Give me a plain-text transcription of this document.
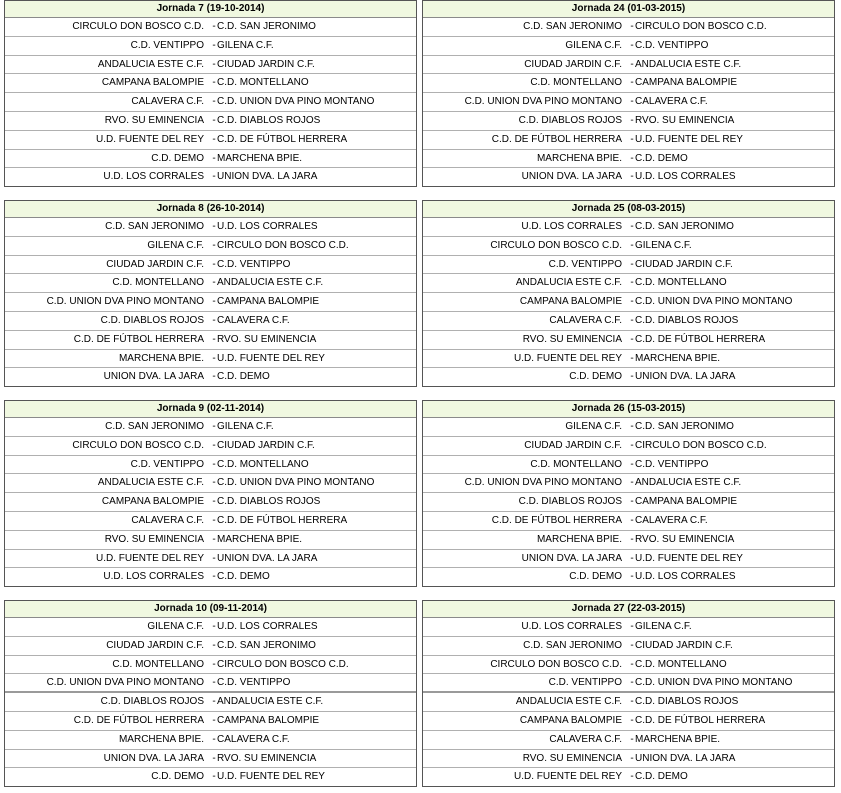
Jornada 7 (19-10-2014)
CIRCULO DON BOSCO C.D. - C.D. SAN JERONIMO
C.D. VENTIPPO - GILENA C.F.
ANDALUCIA ESTE C.F. - CIUDAD JARDIN C.F.
CAMPANA BALOMPIE - C.D. MONTELLANO
CALAVERA C.F. - C.D. UNION DVA PINO MONTANO
RVO. SU EMINENCIA - C.D. DIABLOS ROJOS
U.D. FUENTE DEL REY - C.D. DE FÚTBOL HERRERA
C.D. DEMO - MARCHENA BPIE.
U.D. LOS CORRALES - UNION DVA. LA JARA
Jornada 24 (01-03-2015)
C.D. SAN JERONIMO - CIRCULO DON BOSCO C.D.
GILENA C.F. - C.D. VENTIPPO
CIUDAD JARDIN C.F. - ANDALUCIA ESTE C.F.
C.D. MONTELLANO - CAMPANA BALOMPIE
C.D. UNION DVA PINO MONTANO - CALAVERA C.F.
C.D. DIABLOS ROJOS - RVO. SU EMINENCIA
C.D. DE FÚTBOL HERRERA - U.D. FUENTE DEL REY
MARCHENA BPIE. - C.D. DEMO
UNION DVA. LA JARA - U.D. LOS CORRALES
Jornada 8 (26-10-2014)
C.D. SAN JERONIMO - U.D. LOS CORRALES
GILENA C.F. - CIRCULO DON BOSCO C.D.
CIUDAD JARDIN C.F. - C.D. VENTIPPO
C.D. MONTELLANO - ANDALUCIA ESTE C.F.
C.D. UNION DVA PINO MONTANO - CAMPANA BALOMPIE
C.D. DIABLOS ROJOS - CALAVERA C.F.
C.D. DE FÚTBOL HERRERA - RVO. SU EMINENCIA
MARCHENA BPIE. - U.D. FUENTE DEL REY
UNION DVA. LA JARA - C.D. DEMO
Jornada 25 (08-03-2015)
U.D. LOS CORRALES - C.D. SAN JERONIMO
CIRCULO DON BOSCO C.D. - GILENA C.F.
C.D. VENTIPPO - CIUDAD JARDIN C.F.
ANDALUCIA ESTE C.F. - C.D. MONTELLANO
CAMPANA BALOMPIE - C.D. UNION DVA PINO MONTANO
CALAVERA C.F. - C.D. DIABLOS ROJOS
RVO. SU EMINENCIA - C.D. DE FÚTBOL HERRERA
U.D. FUENTE DEL REY - MARCHENA BPIE.
C.D. DEMO - UNION DVA. LA JARA
Jornada 9 (02-11-2014)
C.D. SAN JERONIMO - GILENA C.F.
CIRCULO DON BOSCO C.D. - CIUDAD JARDIN C.F.
C.D. VENTIPPO - C.D. MONTELLANO
ANDALUCIA ESTE C.F. - C.D. UNION DVA PINO MONTANO
CAMPANA BALOMPIE - C.D. DIABLOS ROJOS
CALAVERA C.F. - C.D. DE FÚTBOL HERRERA
RVO. SU EMINENCIA - MARCHENA BPIE.
U.D. FUENTE DEL REY - UNION DVA. LA JARA
U.D. LOS CORRALES - C.D. DEMO
Jornada 26 (15-03-2015)
GILENA C.F. - C.D. SAN JERONIMO
CIUDAD JARDIN C.F. - CIRCULO DON BOSCO C.D.
C.D. MONTELLANO - C.D. VENTIPPO
C.D. UNION DVA PINO MONTANO - ANDALUCIA ESTE C.F.
C.D. DIABLOS ROJOS - CAMPANA BALOMPIE
C.D. DE FÚTBOL HERRERA - CALAVERA C.F.
MARCHENA BPIE. - RVO. SU EMINENCIA
UNION DVA. LA JARA - U.D. FUENTE DEL REY
C.D. DEMO - U.D. LOS CORRALES
Jornada 10 (09-11-2014)
GILENA C.F. - U.D. LOS CORRALES
CIUDAD JARDIN C.F. - C.D. SAN JERONIMO
C.D. MONTELLANO - CIRCULO DON BOSCO C.D.
C.D. UNION DVA PINO MONTANO - C.D. VENTIPPO
C.D. DIABLOS ROJOS - ANDALUCIA ESTE C.F.
C.D. DE FÚTBOL HERRERA - CAMPANA BALOMPIE
MARCHENA BPIE. - CALAVERA C.F.
UNION DVA. LA JARA - RVO. SU EMINENCIA
C.D. DEMO - U.D. FUENTE DEL REY
Jornada 27 (22-03-2015)
U.D. LOS CORRALES - GILENA C.F.
C.D. SAN JERONIMO - CIUDAD JARDIN C.F.
CIRCULO DON BOSCO C.D. - C.D. MONTELLANO
C.D. VENTIPPO - C.D. UNION DVA PINO MONTANO
ANDALUCIA ESTE C.F. - C.D. DIABLOS ROJOS
CAMPANA BALOMPIE - C.D. DE FÚTBOL HERRERA
CALAVERA C.F. - MARCHENA BPIE.
RVO. SU EMINENCIA - UNION DVA. LA JARA
U.D. FUENTE DEL REY - C.D. DEMO
